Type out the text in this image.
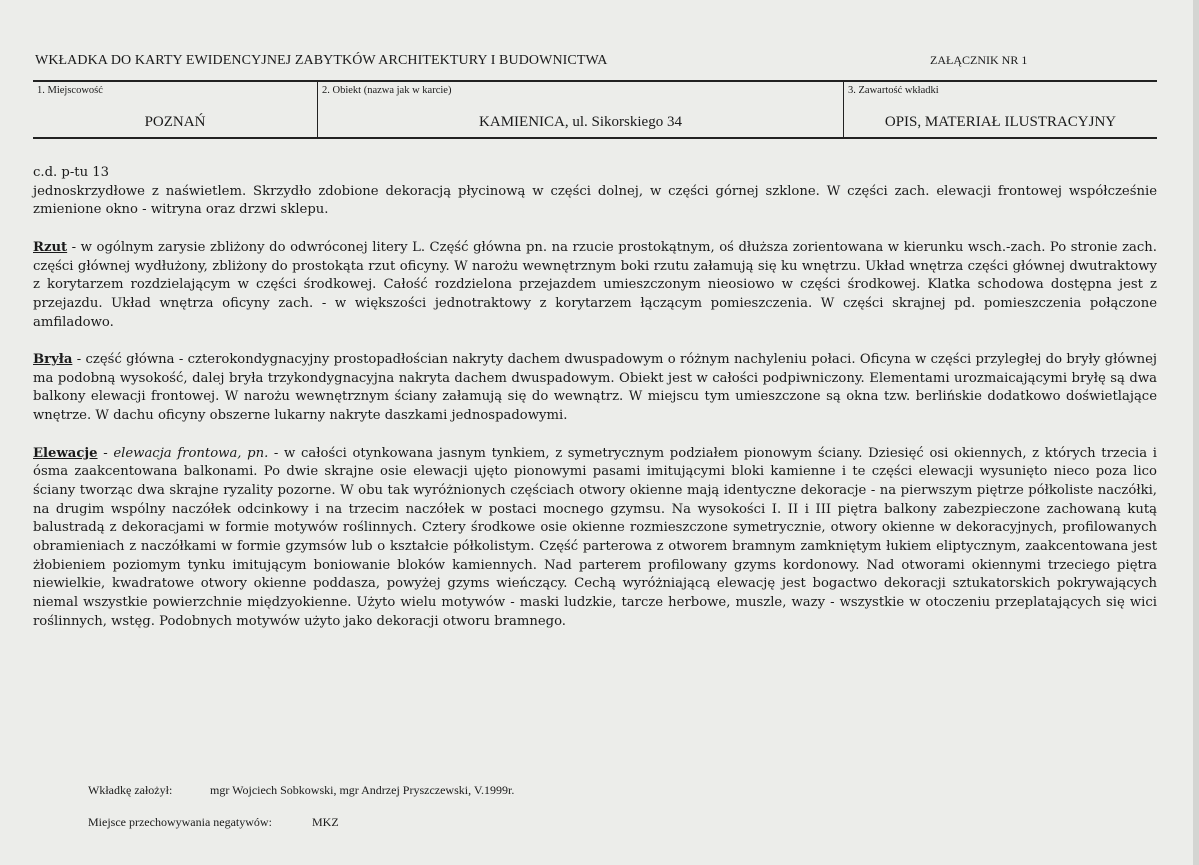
WKŁADKA DO KARTY EWIDENCYJNEJ ZABYTKÓW ARCHITEKTURY I BUDOWNICTWA	ZAŁĄCZNIK NR 1
1. Miejscowość
POZNAŃ
2. Obiekt (nazwa jak w karcie)
KAMIENICA, ul. Sikorskiego 34
3. Zawartość wkładki
OPIS, MATERIAŁ ILUSTRACYJNY
c.d. p-tu 13

jednoskrzydłowe z naświetlem. Skrzydło zdobione dekoracją płycinową w części dolnej, w części górnej szklone. W części zach. elewacji frontowej współcześnie zmienione okno - witryna oraz drzwi sklepu.

Rzut - w ogólnym zarysie zbliżony do odwróconej litery L. Część główna pn. na rzucie prostokątnym, oś dłuższa zorientowana w kierunku wsch.-zach. Po stronie zach. części głównej wydłużony, zbliżony do prostokąta rzut oficyny. W narożu wewnętrznym boki rzutu załamują się ku wnętrzu. Układ wnętrza części głównej dwutraktowy z korytarzem rozdzielającym w części środkowej. Całość rozdzielona przejazdem umieszczonym nieosiowo w części środkowej. Klatka schodowa dostępna jest z przejazdu. Układ wnętrza oficyny zach. - w większości jednotraktowy z korytarzem łączącym pomieszczenia. W części skrajnej pd. pomieszczenia połączone amfiladowo.

Bryła - część główna - czterokondygnacyjny prostopadłościan nakryty dachem dwuspadowym o różnym nachyleniu połaci. Oficyna w części przyległej do bryły głównej ma podobną wysokość, dalej bryła trzykondygnacyjna nakryta dachem dwuspadowym. Obiekt jest w całości podpiwniczony. Elementami urozmaicającymi bryłę są dwa balkony elewacji frontowej. W narożu wewnętrznym ściany załamują się do wewnątrz. W miejscu tym umieszczone są okna tzw. berlińskie dodatkowo doświetlające wnętrze. W dachu oficyny obszerne lukarny nakryte daszkami jednospadowymi.

Elewacje - elewacja frontowa, pn. - w całości otynkowana jasnym tynkiem, z symetrycznym podziałem pionowym ściany. Dziesięć osi okiennych, z których trzecia i ósma zaakcentowana balkonami. Po dwie skrajne osie elewacji ujęto pionowymi pasami imitującymi bloki kamienne i te części elewacji wysunięto nieco poza lico ściany tworząc dwa skrajne ryzality pozorne. W obu tak wyróżnionych częściach otwory okienne mają identyczne dekoracje - na pierwszym piętrze półkoliste naczółki, na drugim wspólny naczółek odcinkowy i na trzecim naczółek w postaci mocnego gzymsu. Na wysokości I. II i III piętra balkony zabezpieczone zachowaną kutą balustradą z dekoracjami w formie motywów roślinnych. Cztery środkowe osie okienne rozmieszczone symetrycznie, otwory okienne w dekoracyjnych, profilowanych obramieniach z naczółkami w formie gzymsów lub o kształcie półkolistym. Część parterowa z otworem bramnym zamkniętym łukiem eliptycznym, zaakcentowana jest żłobieniem poziomym tynku imitującym boniowanie bloków kamiennych. Nad parterem profilowany gzyms kordonowy. Nad otworami okiennymi trzeciego piętra niewielkie, kwadratowe otwory okienne poddasza, powyżej gzyms wieńczący. Cechą wyróżniającą elewację jest bogactwo dekoracji sztukatorskich pokrywających niemal wszystkie powierzchnie międzyokienne. Użyto wielu motywów - maski ludzkie, tarcze herbowe, muszle, wazy - wszystkie w otoczeniu przeplatających się wici roślinnych, wstęg. Podobnych motywów użyto jako dekoracji otworu bramnego.

Wkładkę założył:	mgr Wojciech Sobkowski, mgr Andrzej Pryszczewski, V.1999r.
Miejsce przechowywania negatywów:	MKZ
